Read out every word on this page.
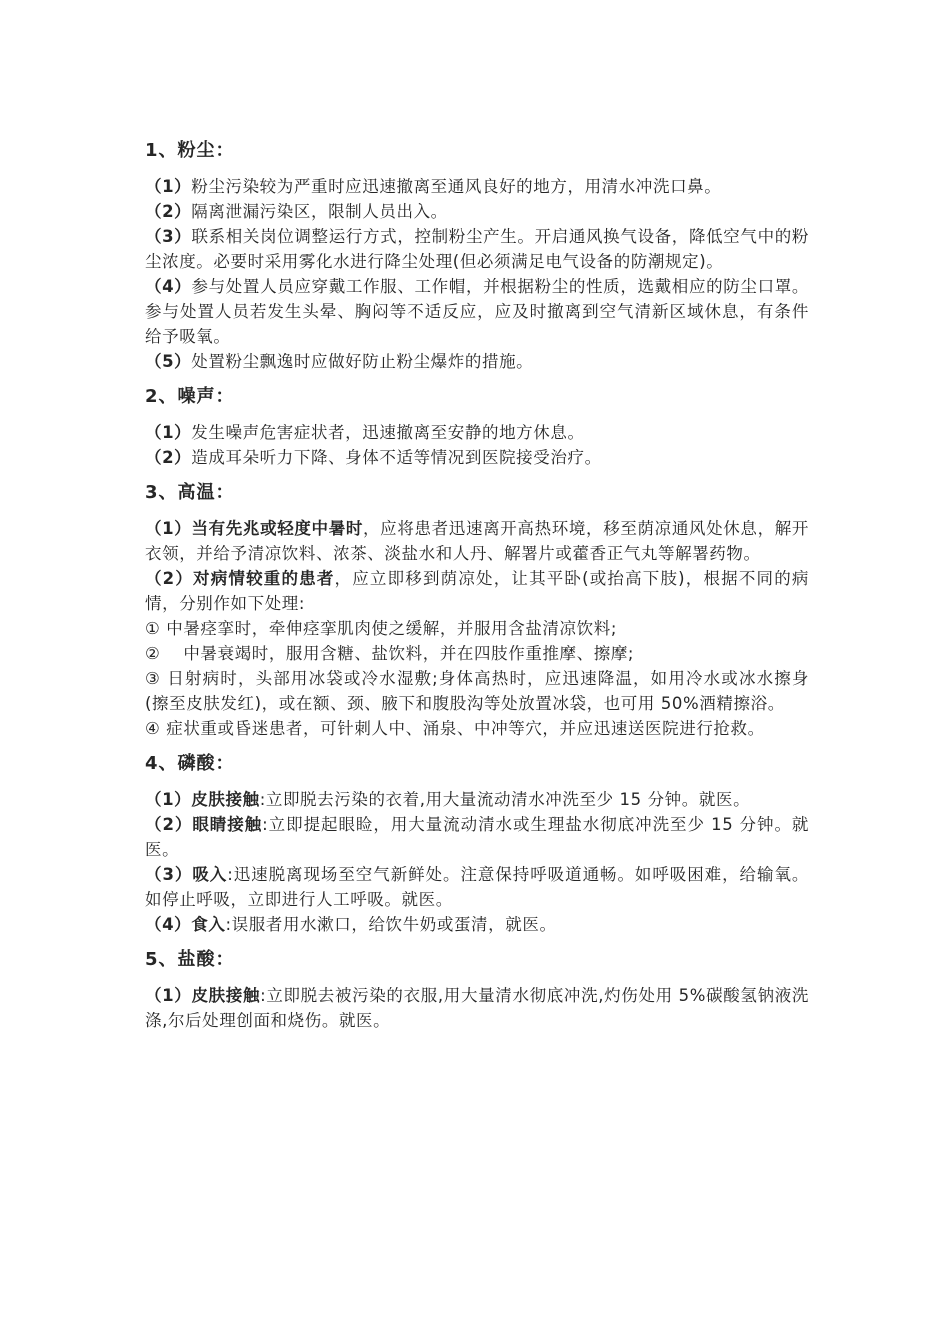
1、粉尘：

（1）粉尘污染较为严重时应迅速撤离至通风良好的地方，用清水冲洗口鼻。

（2）隔离泄漏污染区，限制人员出入。

（3）联系相关岗位调整运行方式，控制粉尘产生。开启通风换气设备，降低空气中的粉尘浓度。必要时采用雾化水进行降尘处理(但必须满足电气设备的防潮规定)。

（4）参与处置人员应穿戴工作服、工作帽，并根据粉尘的性质，选戴相应的防尘口罩。参与处置人员若发生头晕、胸闷等不适反应，应及时撤离到空气清新区域休息，有条件给予吸氧。

（5）处置粉尘飘逸时应做好防止粉尘爆炸的措施。

2、噪声：

（1）发生噪声危害症状者，迅速撤离至安静的地方休息。

（2）造成耳朵听力下降、身体不适等情况到医院接受治疗。

3、高温：

（1）当有先兆或轻度中暑时，应将患者迅速离开高热环境，移至荫凉通风处休息，解开衣领，并给予清凉饮料、浓茶、淡盐水和人丹、解署片或藿香正气丸等解署药物。

（2）对病情较重的患者，应立即移到荫凉处，让其平卧(或抬高下肢)，根据不同的病情，分别作如下处理:

① 中暑痉挛时，牵伸痉挛肌肉使之缓解，并服用含盐清凉饮料;

②　 中暑衰竭时，服用含糖、盐饮料，并在四肢作重推摩、擦摩;

③ 日射病时，头部用冰袋或冷水湿敷;身体高热时，应迅速降温，如用冷水或冰水擦身(擦至皮肤发红)，或在额、颈、腋下和腹股沟等处放置冰袋，也可用 50%酒精擦浴。

④ 症状重或昏迷患者，可针刺人中、涌泉、中冲等穴，并应迅速送医院进行抢救。

4、磷酸：

（1）皮肤接触:立即脱去污染的衣着,用大量流动清水冲洗至少 15 分钟。就医。

（2）眼睛接触:立即提起眼睑，用大量流动清水或生理盐水彻底冲洗至少 15 分钟。就医。

（3）吸入:迅速脱离现场至空气新鲜处。注意保持呼吸道通畅。如呼吸困难，给输氧。如停止呼吸，立即进行人工呼吸。就医。

（4）食入:误服者用水漱口，给饮牛奶或蛋清，就医。

5、盐酸：

（1）皮肤接触:立即脱去被污染的衣服,用大量清水彻底冲洗,灼伤处用 5%碳酸氢钠液洗涤,尔后处理创面和烧伤。就医。
